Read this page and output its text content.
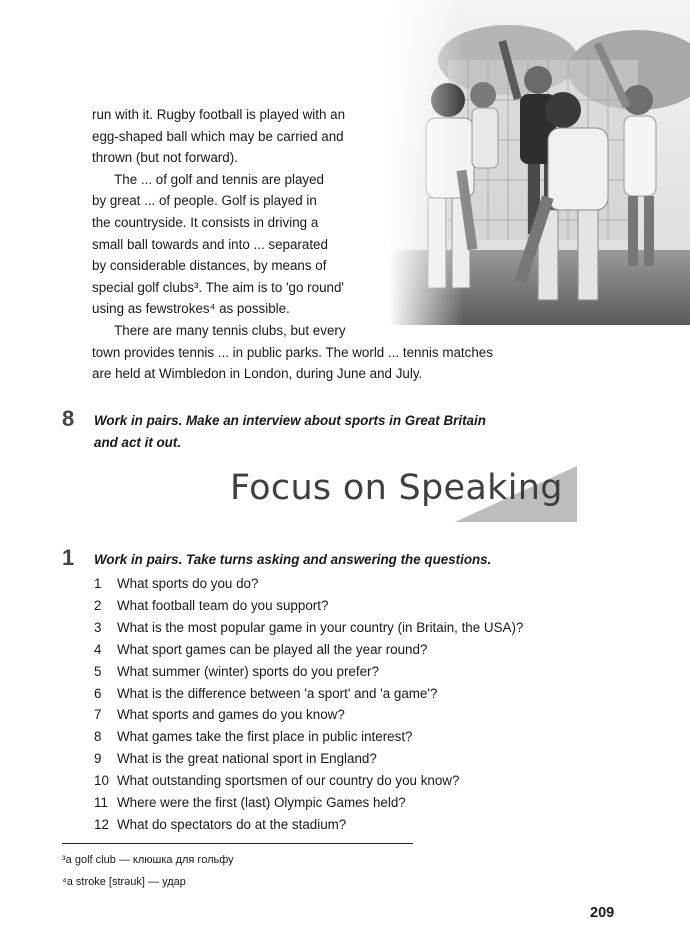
run with it. Rugby football is played with an

egg-shaped ball which may be carried and

thrown (but not forward).

The ... of golf and tennis are played

by great ... of people. Golf is played in

the countryside. It consists in driving a

small ball towards and into ... separated

by considerable distances, by means of

special golf clubs³. The aim is to 'go round'

using as fewstrokes⁴ as possible.

There are many tennis clubs, but every

town provides tennis ... in public parks. The world ... tennis matches

are held at Wimbledon in London, during June and July.

8 Work in pairs. Make an interview about sports in Great Britain
and act it out.
Focus on Speaking
1 Work in pairs. Take turns asking and answering the questions.
1 What sports do you do?
2 What football team do you support?
3 What is the most popular game in your country (in Britain, the USA)?
4 What sport games can be played all the year round?
5 What summer (winter) sports do you prefer?
6 What is the difference between 'a sport' and 'a game'?
7 What sports and games do you know?
8 What games take the first place in public interest?
9 What is the great national sport in England?
10 What outstanding sportsmen of our country do you know?
11 Where were the first (last) Olympic Games held?
12 What do spectators do at the stadium?
³a golf club — клюшка для гольфу
⁴a stroke [strəuk] — удар
209
